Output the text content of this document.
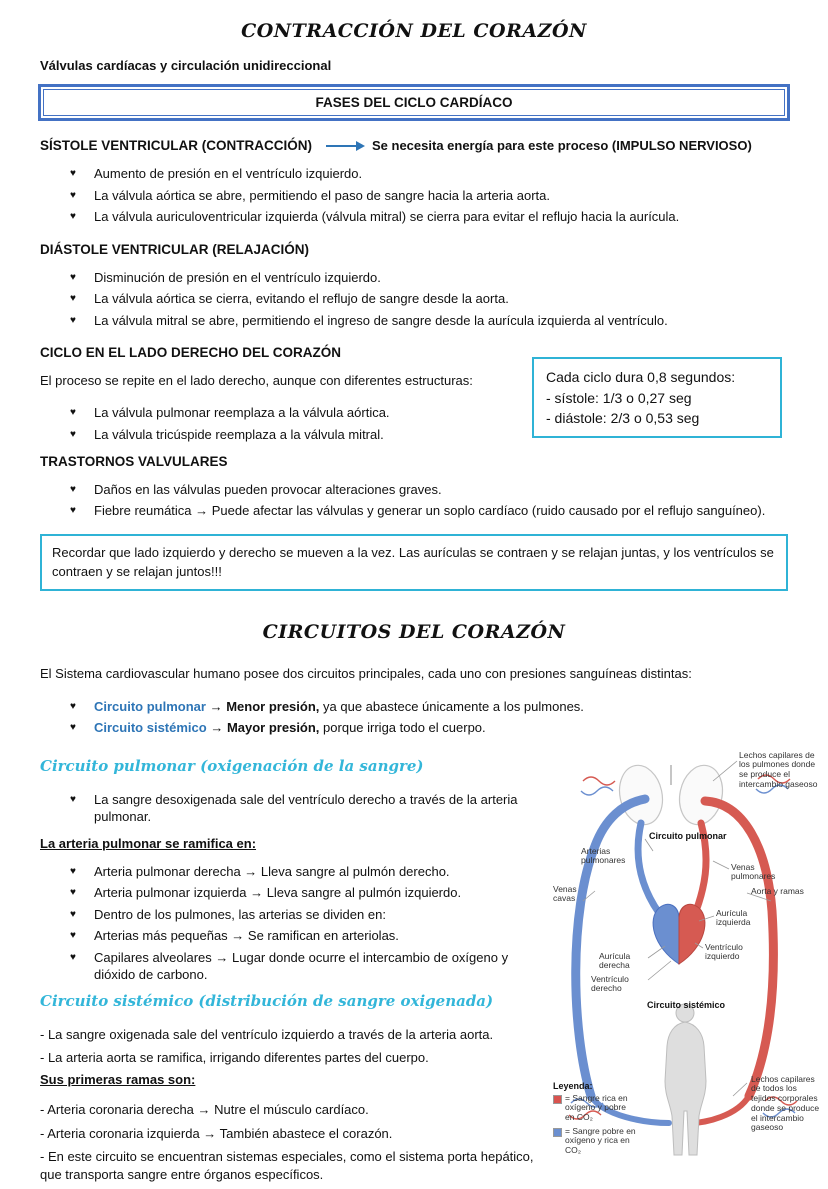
CONTRACCIÓN DEL CORAZÓN
Válvulas cardíacas y circulación unidireccional
FASES DEL CICLO CARDÍACO
SÍSTOLE VENTRICULAR (CONTRACCIÓN)	Se necesita energía para este proceso (IMPULSO NERVIOSO)
♥	Aumento de presión en el ventrículo izquierdo.
♥	La válvula aórtica se abre, permitiendo el paso de sangre hacia la arteria aorta.
♥	La válvula auriculoventricular izquierda (válvula mitral) se cierra para evitar el reflujo hacia la aurícula.
DIÁSTOLE VENTRICULAR (RELAJACIÓN)
♥	Disminución de presión en el ventrículo izquierdo.
♥	La válvula aórtica se cierra, evitando el reflujo de sangre desde la aorta.
♥	La válvula mitral se abre, permitiendo el ingreso de sangre desde la aurícula izquierda al ventrículo.
CICLO EN EL LADO DERECHO DEL CORAZÓN

El proceso se repite en el lado derecho, aunque con diferentes estructuras:

♥	La válvula pulmonar reemplaza a la válvula aórtica.
♥	La válvula tricúspide reemplaza a la válvula mitral.
Cada ciclo dura 0,8 segundos:
- sístole: 1/3 o 0,27 seg
- diástole: 2/3 o 0,53 seg
TRASTORNOS VALVULARES
♥	Daños en las válvulas pueden provocar alteraciones graves.
♥	Fiebre reumática → Puede afectar las válvulas y generar un soplo cardíaco (ruido causado por el reflujo sanguíneo).
Recordar que lado izquierdo y derecho se mueven a la vez. Las aurículas se contraen y se relajan juntas, y los ventrículos se contraen y se relajan juntos!!!
CIRCUITOS DEL CORAZÓN

El Sistema cardiovascular humano posee dos circuitos principales, cada uno con presiones sanguíneas distintas:

♥	Circuito pulmonar → Menor presión, ya que abastece únicamente a los pulmones.
♥	Circuito sistémico → Mayor presión, porque irriga todo el cuerpo.
Circuito pulmonar (oxigenación de la sangre)
♥	La sangre desoxigenada sale del ventrículo derecho a través de la arteria pulmonar.
La arteria pulmonar se ramifica en:
♥	Arteria pulmonar derecha → Lleva sangre al pulmón derecho.
♥	Arteria pulmonar izquierda → Lleva sangre al pulmón izquierdo.
♥	Dentro de los pulmones, las arterias se dividen en:
♥	Arterias más pequeñas → Se ramifican en arteriolas.
♥	Capilares alveolares → Lugar donde ocurre el intercambio de oxígeno y dióxido de carbono.
Circuito sistémico (distribución de sangre oxigenada)

- La sangre oxigenada sale del ventrículo izquierdo a través de la arteria aorta.

- La arteria aorta se ramifica, irrigando diferentes partes del cuerpo.

Sus primeras ramas son:

- Arteria coronaria derecha → Nutre el músculo cardíaco.

- Arteria coronaria izquierda → También abastece el corazón.

- En este circuito se encuentran sistemas especiales, como el sistema porta hepático, que transporta sangre entre órganos específicos.

Lechos capilares de los pulmones donde se produce el intercambio gaseoso
Circuito pulmonar
Arterias pulmonares
Venas pulmonares
Aorta y ramas
Venas cavas
Aurícula izquierda
Ventrículo izquierdo
Aurícula derecha
Ventrículo derecho
Circuito sistémico
Leyenda:
= Sangre rica en oxígeno y pobre en CO₂
= Sangre pobre en oxígeno y rica en CO₂
Lechos capilares de todos los tejidos corporales donde se produce el intercambio gaseoso
